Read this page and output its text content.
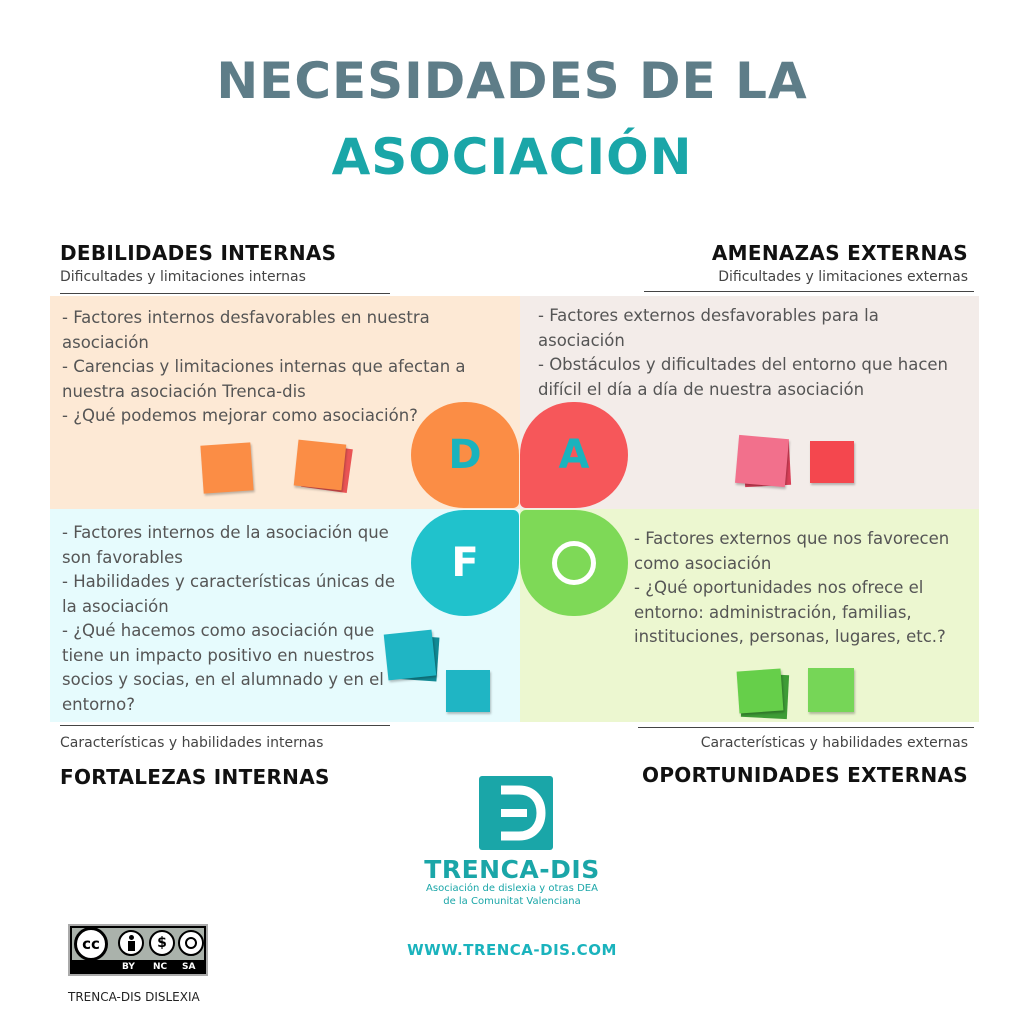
NECESIDADES DE LA
ASOCIACIÓN
DEBILIDADES INTERNAS
Dificultades y limitaciones internas
AMENAZAS EXTERNAS
Dificultades y limitaciones externas

- Factores internos desfavorables en nuestra asociación

- Carencias y limitaciones internas que afectan a nuestra asociación Trenca-dis

- ¿Qué podemos mejorar como asociación?

- Factores externos desfavorables para la asociación

- Obstáculos y dificultades del entorno que hacen difícil el día a día de nuestra asociación

- Factores internos de la asociación que son favorables

- Habilidades y características únicas de la asociación

- ¿Qué hacemos como asociación que tiene un impacto positivo en nuestros socios y socias, en el alumnado y en el entorno?

- Factores externos que nos favorecen como asociación

- ¿Qué oportunidades nos ofrece el entorno: administración, familias, instituciones, personas, lugares, etc.?

D A
F
Características y habilidades internas
FORTALEZAS INTERNAS
Características y habilidades externas
OPORTUNIDADES EXTERNAS
TRENCA-DIS
Asociación de dislexia y otras DEA
de la Comunitat Valenciana
WWW.TRENCA-DIS.COM
cc	$
BY NC SA
TRENCA-DIS DISLEXIA
